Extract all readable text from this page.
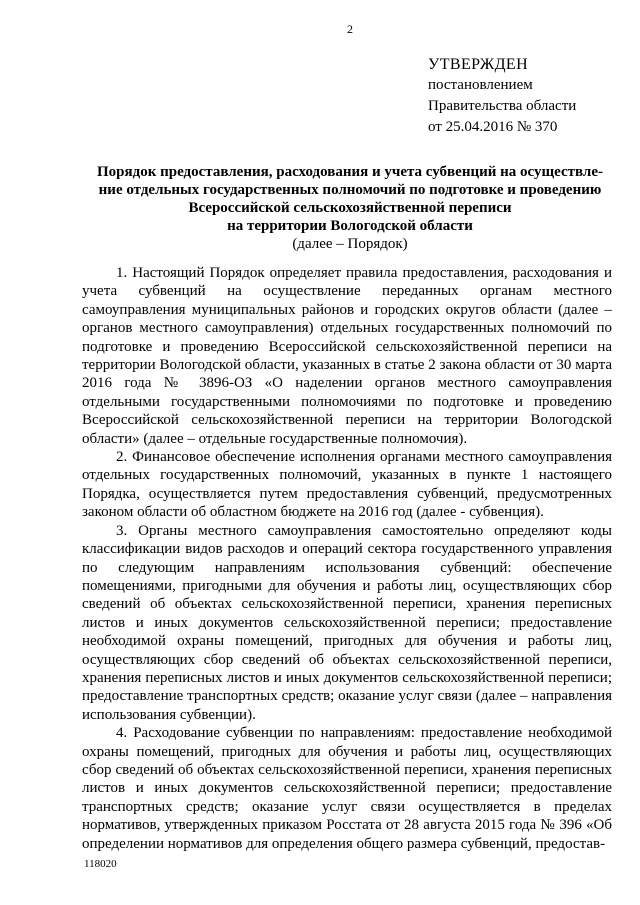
2
УТВЕРЖДЕН
постановлением
Правительства области
от 25.04.2016 № 370
Порядок предоставления, расходования и учета субвенций на осуществле-
ние отдельных государственных полномочий по подготовке и проведению
Всероссийской сельскохозяйственной переписи
на территории Вологодской области
(далее – Порядок)

1. Настоящий Порядок определяет правила предоставления, расходования и учета субвенций на осуществление переданных органам местного самоуправления муниципальных районов и городских округов области (далее – органов местного самоуправления) отдельных государственных полномочий по подготовке и проведению Всероссийской сельскохозяйственной переписи на территории Вологодской области, указанных в статье 2 закона области от 30 марта 2016 года № 3896-ОЗ «О наделении органов местного самоуправления отдельными государственными полномочиями по подготовке и проведению Всероссийской сельскохозяйственной переписи на территории Вологодской области» (далее – отдельные государственные полномочия).

2. Финансовое обеспечение исполнения органами местного самоуправления отдельных государственных полномочий, указанных в пункте 1 настоящего Порядка, осуществляется путем предоставления субвенций, предусмотренных законом области об областном бюджете на 2016 год (далее - субвенция).

3. Органы местного самоуправления самостоятельно определяют коды классификации видов расходов и операций сектора государственного управления по следующим направлениям использования субвенций: обеспечение помещениями, пригодными для обучения и работы лиц, осуществляющих сбор сведений об объектах сельскохозяйственной переписи, хранения переписных листов и иных документов сельскохозяйственной переписи; предоставление необходимой охраны помещений, пригодных для обучения и работы лиц, осуществляющих сбор сведений об объектах сельскохозяйственной переписи, хранения переписных листов и иных документов сельскохозяйственной переписи; предоставление транспортных средств; оказание услуг связи (далее – направления использования субвенции).

4. Расходование субвенции по направлениям: предоставление необходимой охраны помещений, пригодных для обучения и работы лиц, осуществляющих сбор сведений об объектах сельскохозяйственной переписи, хранения переписных листов и иных документов сельскохозяйственной переписи; предоставление транспортных средств; оказание услуг связи осуществляется в пределах нормативов, утвержденных приказом Росстата от 28 августа 2015 года № 396 «Об определении нормативов для определения общего размера субвенций, предостав-

118020
